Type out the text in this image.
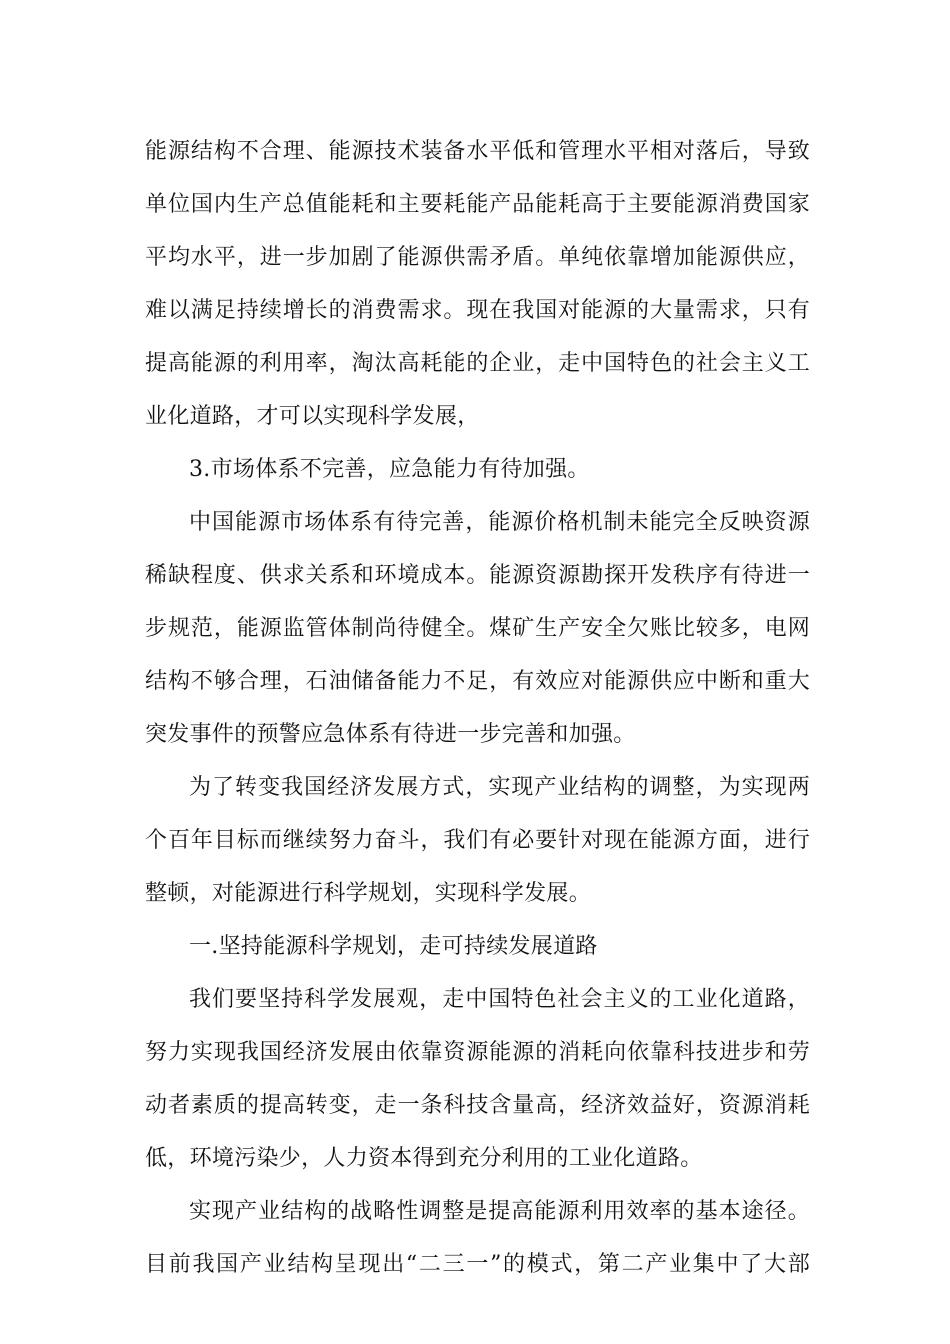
能源结构不合理、能源技术装备水平低和管理水平相对落后，导致
单位国内生产总值能耗和主要耗能产品能耗高于主要能源消费国家
平均水平，进一步加剧了能源供需矛盾。单纯依靠增加能源供应，
难以满足持续增长的消费需求。现在我国对能源的大量需求，只有
提高能源的利用率，淘汰高耗能的企业，走中国特色的社会主义工
业化道路，才可以实现科学发展，
3.市场体系不完善，应急能力有待加强。
中国能源市场体系有待完善，能源价格机制未能完全反映资源
稀缺程度、供求关系和环境成本。能源资源勘探开发秩序有待进一
步规范，能源监管体制尚待健全。煤矿生产安全欠账比较多，电网
结构不够合理，石油储备能力不足，有效应对能源供应中断和重大
突发事件的预警应急体系有待进一步完善和加强。
为了转变我国经济发展方式，实现产业结构的调整，为实现两
个百年目标而继续努力奋斗，我们有必要针对现在能源方面，进行
整顿，对能源进行科学规划，实现科学发展。
一.坚持能源科学规划，走可持续发展道路
我们要坚持科学发展观，走中国特色社会主义的工业化道路，
努力实现我国经济发展由依靠资源能源的消耗向依靠科技进步和劳
动者素质的提高转变，走一条科技含量高，经济效益好，资源消耗
低，环境污染少，人力资本得到充分利用的工业化道路。
实现产业结构的战略性调整是提高能源利用效率的基本途径。
目前我国产业结构呈现出“二三一”的模式，第二产业集中了大部
